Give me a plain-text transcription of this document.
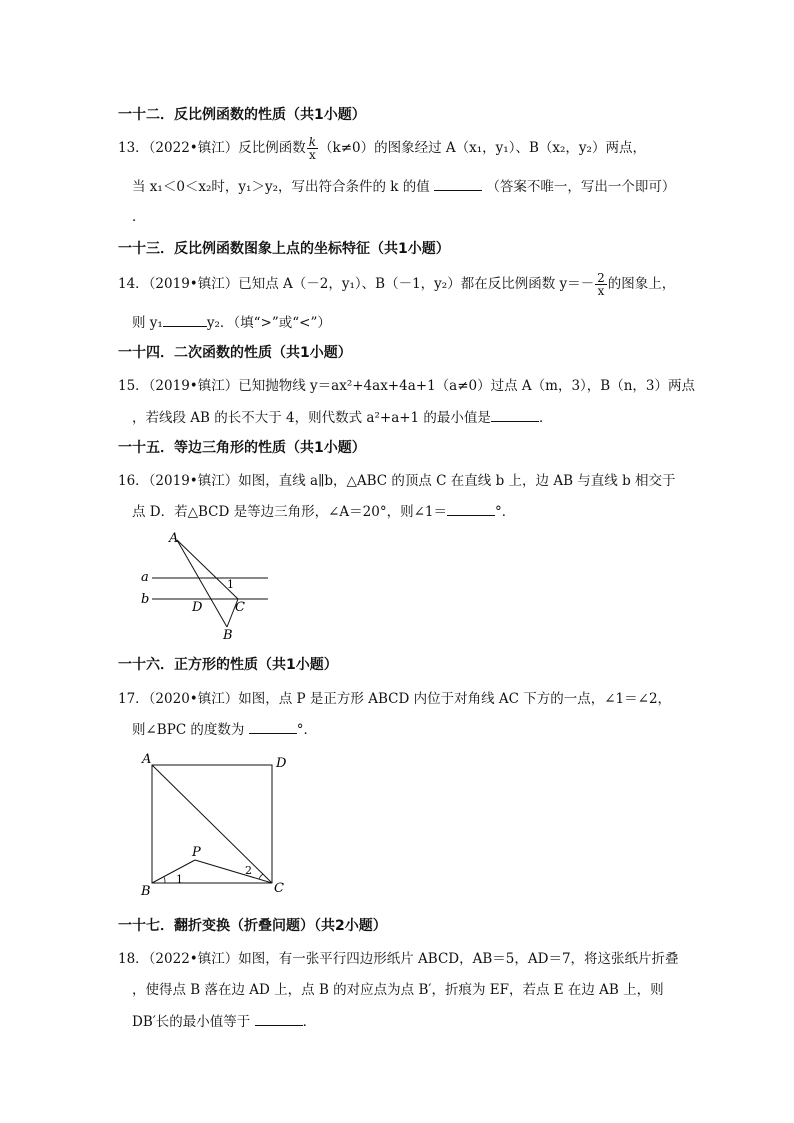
一十二．反比例函数的性质（共1小题）
13．（2022•镇江）反比例函数 $\frac{k}{x} (k\ne 0)$的图象经过 A（x₁，y₁）、B（x₂，y₂）两点，
当 x₁＜0＜x₂时，y₁＞y₂，写出符合条件的 k 的值	（答案不唯一，写出一个即可）
．
一十三．反比例函数图象上点的坐标特征（共1小题）
14．（2019•镇江）已知点 A（－2，y₁）、B（－1，y₂）都在反比例函数 $y=- \frac{2}{x}$ 的图象上，
则 y₁	y₂．（填“>”或“<”）
一十四．二次函数的性质（共1小题）
15．（2019•镇江）已知抛物线 y＝ax²+4ax+4a+1（a≠0）过点 A（m，3），B（n，3）两点
，若线段 AB 的长不大于 4，则代数式 a²+a+1 的最小值是	．
一十五．等边三角形的性质（共1小题）
16．（2019•镇江）如图，直线 a∥b，△ABC 的顶点 C 在直线 b 上，边 AB 与直线 b 相交于
点 D．若△BCD 是等边三角形，∠A＝20°，则∠1＝	°．
A
a
b
1
D	C
B
一十六．正方形的性质（共1小题）
17．（2020•镇江）如图，点 P 是正方形 ABCD 内位于对角线 AC 下方的一点，∠1＝∠2，
则∠BPC 的度数为	°．
A	D
P
1
2
B	C
一十七．翻折变换（折叠问题）（共2小题）
18．（2022•镇江）如图，有一张平行四边形纸片 ABCD，AB＝5，AD＝7，将这张纸片折叠
，使得点 B 落在边 AD 上，点 B 的对应点为点 B′，折痕为 EF，若点 E 在边 AB 上，则
DB′长的最小值等于	．
